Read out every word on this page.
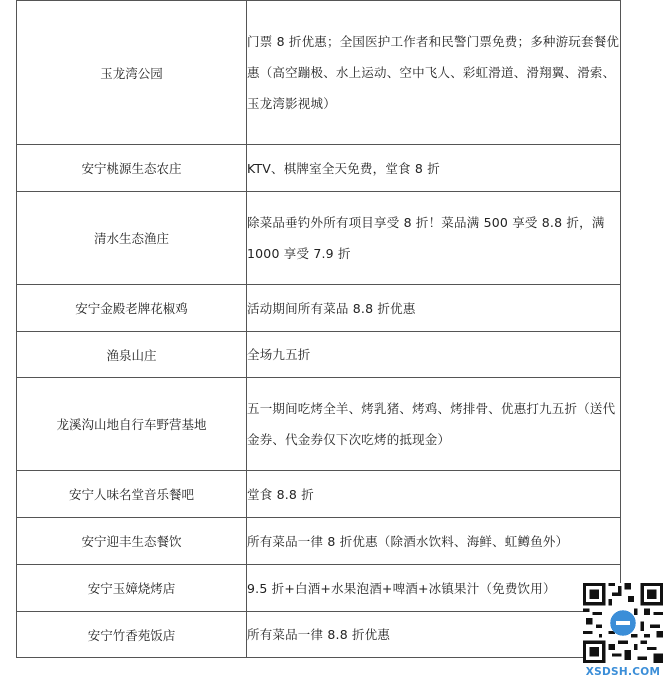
玉龙湾公园	门票 8 折优惠；全国医护工作者和民警门票免费；多种游玩套餐优惠（高空蹦极、水上运动、空中飞人、彩虹滑道、滑翔翼、滑索、玉龙湾影视城）
安宁桃源生态农庄	KTV、棋牌室全天免费，堂食 8 折
清水生态渔庄	除菜品垂钓外所有项目享受 8 折！菜品满 500 享受 8.8 折，满 1000 享受 7.9 折
安宁金殿老牌花椒鸡	活动期间所有菜品 8.8 折优惠
渔泉山庄	全场九五折
龙溪沟山地自行车野营基地	五一期间吃烤全羊、烤乳猪、烤鸡、烤排骨、优惠打九五折（送代金券、代金券仅下次吃烤的抵现金）
安宁人味名堂音乐餐吧	堂食 8.8 折
安宁迎丰生态餐饮	所有菜品一律 8 折优惠（除酒水饮料、海鲜、虹鳟鱼外）
安宁玉嫜烧烤店	9.5 折+白酒+水果泡酒+啤酒+冰镇果汁（免费饮用）
安宁竹香苑饭店	所有菜品一律 8.8 折优惠
XSDSH.COM
